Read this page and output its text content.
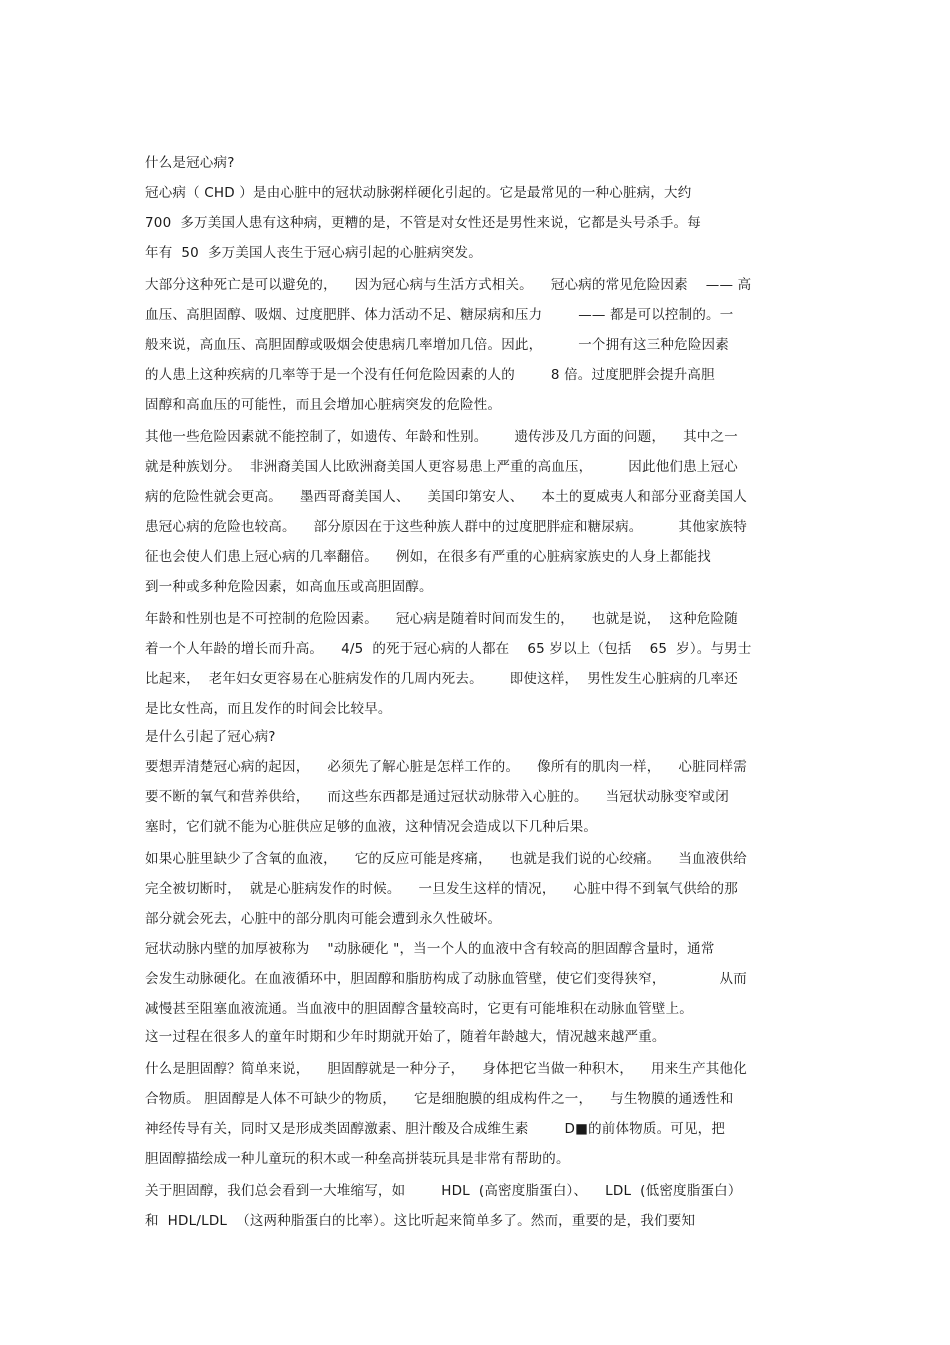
什么是冠心病?
冠心病（ CHD ）是由心脏中的冠状动脉粥样硬化引起的。它是最常见的一种心脏病，大约
700  多万美国人患有这种病，更糟的是，不管是对女性还是男性来说，它都是头号杀手。每
年有  50  多万美国人丧生于冠心病引起的心脏病突发。
大部分这种死亡是可以避免的，    因为冠心病与生活方式相关。    冠心病的常见危险因素    —— 高
血压、高胆固醇、吸烟、过度肥胖、体力活动不足、糖尿病和压力        —— 都是可以控制的。一
般来说，高血压、高胆固醇或吸烟会使患病几率增加几倍。因此，        一个拥有这三种危险因素
的人患上这种疾病的几率等于是一个没有任何危险因素的人的        8 倍。过度肥胖会提升高胆
固醇和高血压的可能性，而且会增加心脏病突发的危险性。
其他一些危险因素就不能控制了，如遗传、年龄和性别。      遗传涉及几方面的问题，    其中之一
就是种族划分。  非洲裔美国人比欧洲裔美国人更容易患上严重的高血压，        因此他们患上冠心
病的危险性就会更高。    墨西哥裔美国人、    美国印第安人、    本土的夏威夷人和部分亚裔美国人
患冠心病的危险也较高。    部分原因在于这些种族人群中的过度肥胖症和糖尿病。        其他家族特
征也会使人们患上冠心病的几率翻倍。    例如，在很多有严重的心脏病家族史的人身上都能找
到一种或多种危险因素，如高血压或高胆固醇。
年龄和性别也是不可控制的危险因素。    冠心病是随着时间而发生的，    也就是说，  这种危险随
着一个人年龄的增长而升高。    4/5  的死于冠心病的人都在    65 岁以上（包括    65  岁）。与男士
比起来，  老年妇女更容易在心脏病发作的几周内死去。      即使这样，  男性发生心脏病的几率还
是比女性高，而且发作的时间会比较早。
是什么引起了冠心病?
要想弄清楚冠心病的起因，    必须先了解心脏是怎样工作的。    像所有的肌肉一样，    心脏同样需
要不断的氧气和营养供给，    而这些东西都是通过冠状动脉带入心脏的。    当冠状动脉变窄或闭
塞时，它们就不能为心脏供应足够的血液，这种情况会造成以下几种后果。
如果心脏里缺少了含氧的血液，    它的反应可能是疼痛，    也就是我们说的心绞痛。    当血液供给
完全被切断时，  就是心脏病发作的时候。    一旦发生这样的情况，    心脏中得不到氧气供给的那
部分就会死去，心脏中的部分肌肉可能会遭到永久性破坏。
冠状动脉内壁的加厚被称为    "动脉硬化 "，当一个人的血液中含有较高的胆固醇含量时，通常
会发生动脉硬化。在血液循环中，胆固醇和脂肪构成了动脉血管壁，使它们变得狭窄，            从而
减慢甚至阻塞血液流通。当血液中的胆固醇含量较高时，它更有可能堆积在动脉血管壁上。
这一过程在很多人的童年时期和少年时期就开始了，随着年龄越大，情况越来越严重。
什么是胆固醇？简单来说，    胆固醇就是一种分子，    身体把它当做一种积木，    用来生产其他化
合物质。 胆固醇是人体不可缺少的物质，    它是细胞膜的组成构件之一，    与生物膜的通透性和
神经传导有关，同时又是形成类固醇激素、胆汁酸及合成维生素        D■的前体物质。可见，把
胆固醇描绘成一种儿童玩的积木或一种垒高拼装玩具是非常有帮助的。
关于胆固醇，我们总会看到一大堆缩写，如        HDL  (高密度脂蛋白）、    LDL  (低密度脂蛋白）
和  HDL/LDL  （这两种脂蛋白的比率）。这比听起来简单多了。然而，重要的是，我们要知
